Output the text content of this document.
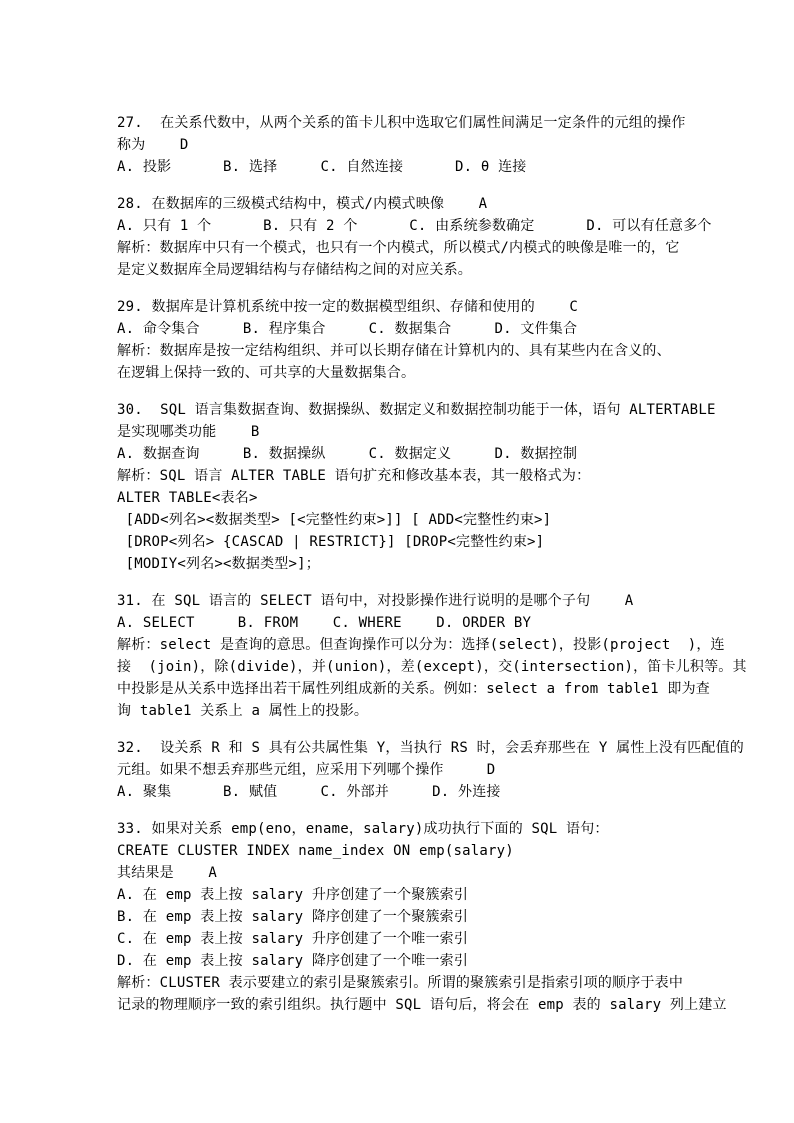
27.  在关系代数中，从两个关系的笛卡儿积中选取它们属性间满足一定条件的元组的操作
称为    D
A. 投影      B. 选择     C. 自然连接      D. θ 连接
28. 在数据库的三级模式结构中，模式/内模式映像    A
A. 只有 1 个      B. 只有 2 个      C. 由系统参数确定      D. 可以有任意多个
解析：数据库中只有一个模式，也只有一个内模式，所以模式/内模式的映像是唯一的，它
是定义数据库全局逻辑结构与存储结构之间的对应关系。
29. 数据库是计算机系统中按一定的数据模型组织、存储和使用的    C
A. 命令集合     B. 程序集合     C. 数据集合     D. 文件集合
解析：数据库是按一定结构组织、并可以长期存储在计算机内的、具有某些内在含义的、
在逻辑上保持一致的、可共享的大量数据集合。
30.  SQL 语言集数据查询、数据操纵、数据定义和数据控制功能于一体，语句 ALTERTABLE
是实现哪类功能    B
A. 数据查询     B. 数据操纵     C. 数据定义     D. 数据控制
解析：SQL 语言 ALTER TABLE 语句扩充和修改基本表，其一般格式为：
ALTER TABLE<表名>
[ADD<列名><数据类型> [<完整性约束>]] [ ADD<完整性约束>]
[DROP<列名> {CASCAD | RESTRICT}] [DROP<完整性约束>]
[MODIY<列名><数据类型>]；
31. 在 SQL 语言的 SELECT 语句中，对投影操作进行说明的是哪个子句    A
A. SELECT     B. FROM    C. WHERE    D. ORDER BY
解析：select 是查询的意思。但查询操作可以分为：选择(select)，投影(project  )，连
接  (join)，除(divide)，并(union)，差(except)，交(intersection)，笛卡儿积等。其
中投影是从关系中选择出若干属性列组成新的关系。例如：select a from table1 即为查
询 table1 关系上 a 属性上的投影。
32.  设关系 R 和 S 具有公共属性集 Y，当执行 RS 时，会丢弃那些在 Y 属性上没有匹配值的
元组。如果不想丢弃那些元组，应采用下列哪个操作     D
A. 聚集      B. 赋值     C. 外部并     D. 外连接
33. 如果对关系 emp(eno，ename，salary)成功执行下面的 SQL 语句：
CREATE CLUSTER INDEX name_index ON emp(salary)
其结果是    A
A. 在 emp 表上按 salary 升序创建了一个聚簇索引
B. 在 emp 表上按 salary 降序创建了一个聚簇索引
C. 在 emp 表上按 salary 升序创建了一个唯一索引
D. 在 emp 表上按 salary 降序创建了一个唯一索引
解析：CLUSTER 表示要建立的索引是聚簇索引。所谓的聚簇索引是指索引项的顺序于表中
记录的物理顺序一致的索引组织。执行题中 SQL 语句后，将会在 emp 表的 salary 列上建立
